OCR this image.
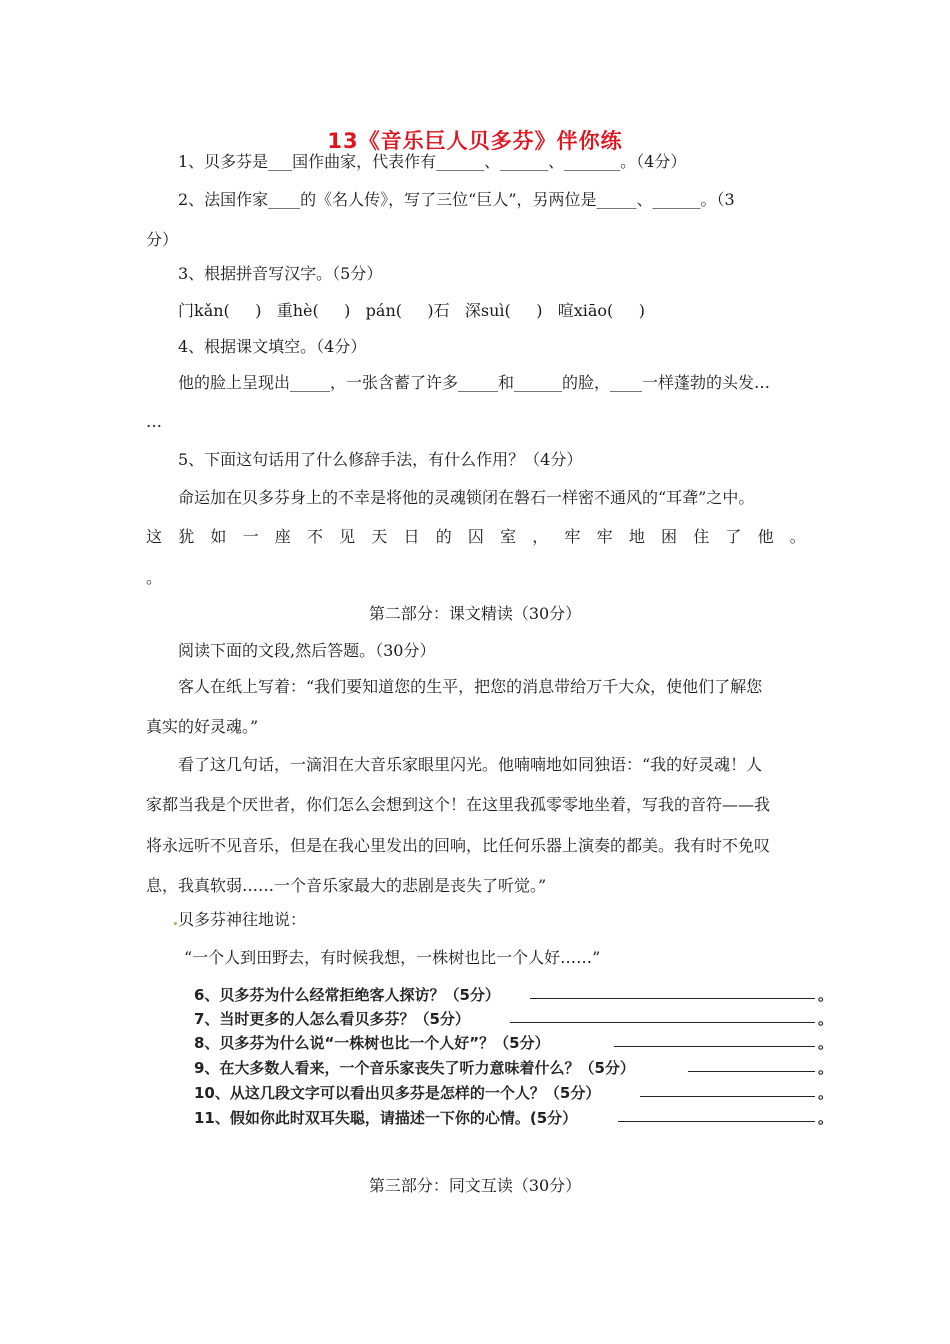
13《音乐巨人贝多芬》伴你练
1、贝多芬是___国作曲家，代表作有______、______、_______。（4分）
2、法国作家____的《名人传》，写了三位“巨人”，另两位是_____、______。（3
分）
3、根据拼音写汉字。（5分）
门kǎn(     )   重hè(     )   pán(     )石   深suì(     )   喧xiāo(     )
4、根据课文填空。（4分）
他的脸上呈现出_____，一张含蓄了许多_____和______的脸，____一样蓬勃的头发…
…
5、下面这句话用了什么修辞手法，有什么作用？（4分）
命运加在贝多芬身上的不幸是将他的灵魂锁闭在磐石一样密不通风的“耳聋”之中。
这 犹 如 一 座 不 见 天 日 的 囚 室 ， 牢 牢 地 困 住 了 他 。
。
第二部分：课文精读（30分）
阅读下面的文段,然后答题。（30分）
客人在纸上写着：“我们要知道您的生平，把您的消息带给万千大众，使他们了解您
真实的好灵魂。”
看了这几句话，一滴泪在大音乐家眼里闪光。他喃喃地如同独语：“我的好灵魂！人
家都当我是个厌世者，你们怎么会想到这个！在这里我孤零零地坐着，写我的音符——我
将永远听不见音乐，但是在我心里发出的回响，比任何乐器上演奏的都美。我有时不免叹
息，我真软弱……一个音乐家最大的悲剧是丧失了听觉。”
贝多芬神往地说：
“一个人到田野去，有时候我想，一株树也比一个人好……”
6、贝多芬为什么经常拒绝客人探访？（5分）	。
7、当时更多的人怎么看贝多芬？（5分）	。
8、贝多芬为什么说“一株树也比一个人好”？（5分）	。
9、在大多数人看来，一个音乐家丧失了听力意味着什么？（5分）	。
10、从这几段文字可以看出贝多芬是怎样的一个人？（5分）	。
11、假如你此时双耳失聪，请描述一下你的心情。(5分）	。
第三部分：同文互读（30分）
